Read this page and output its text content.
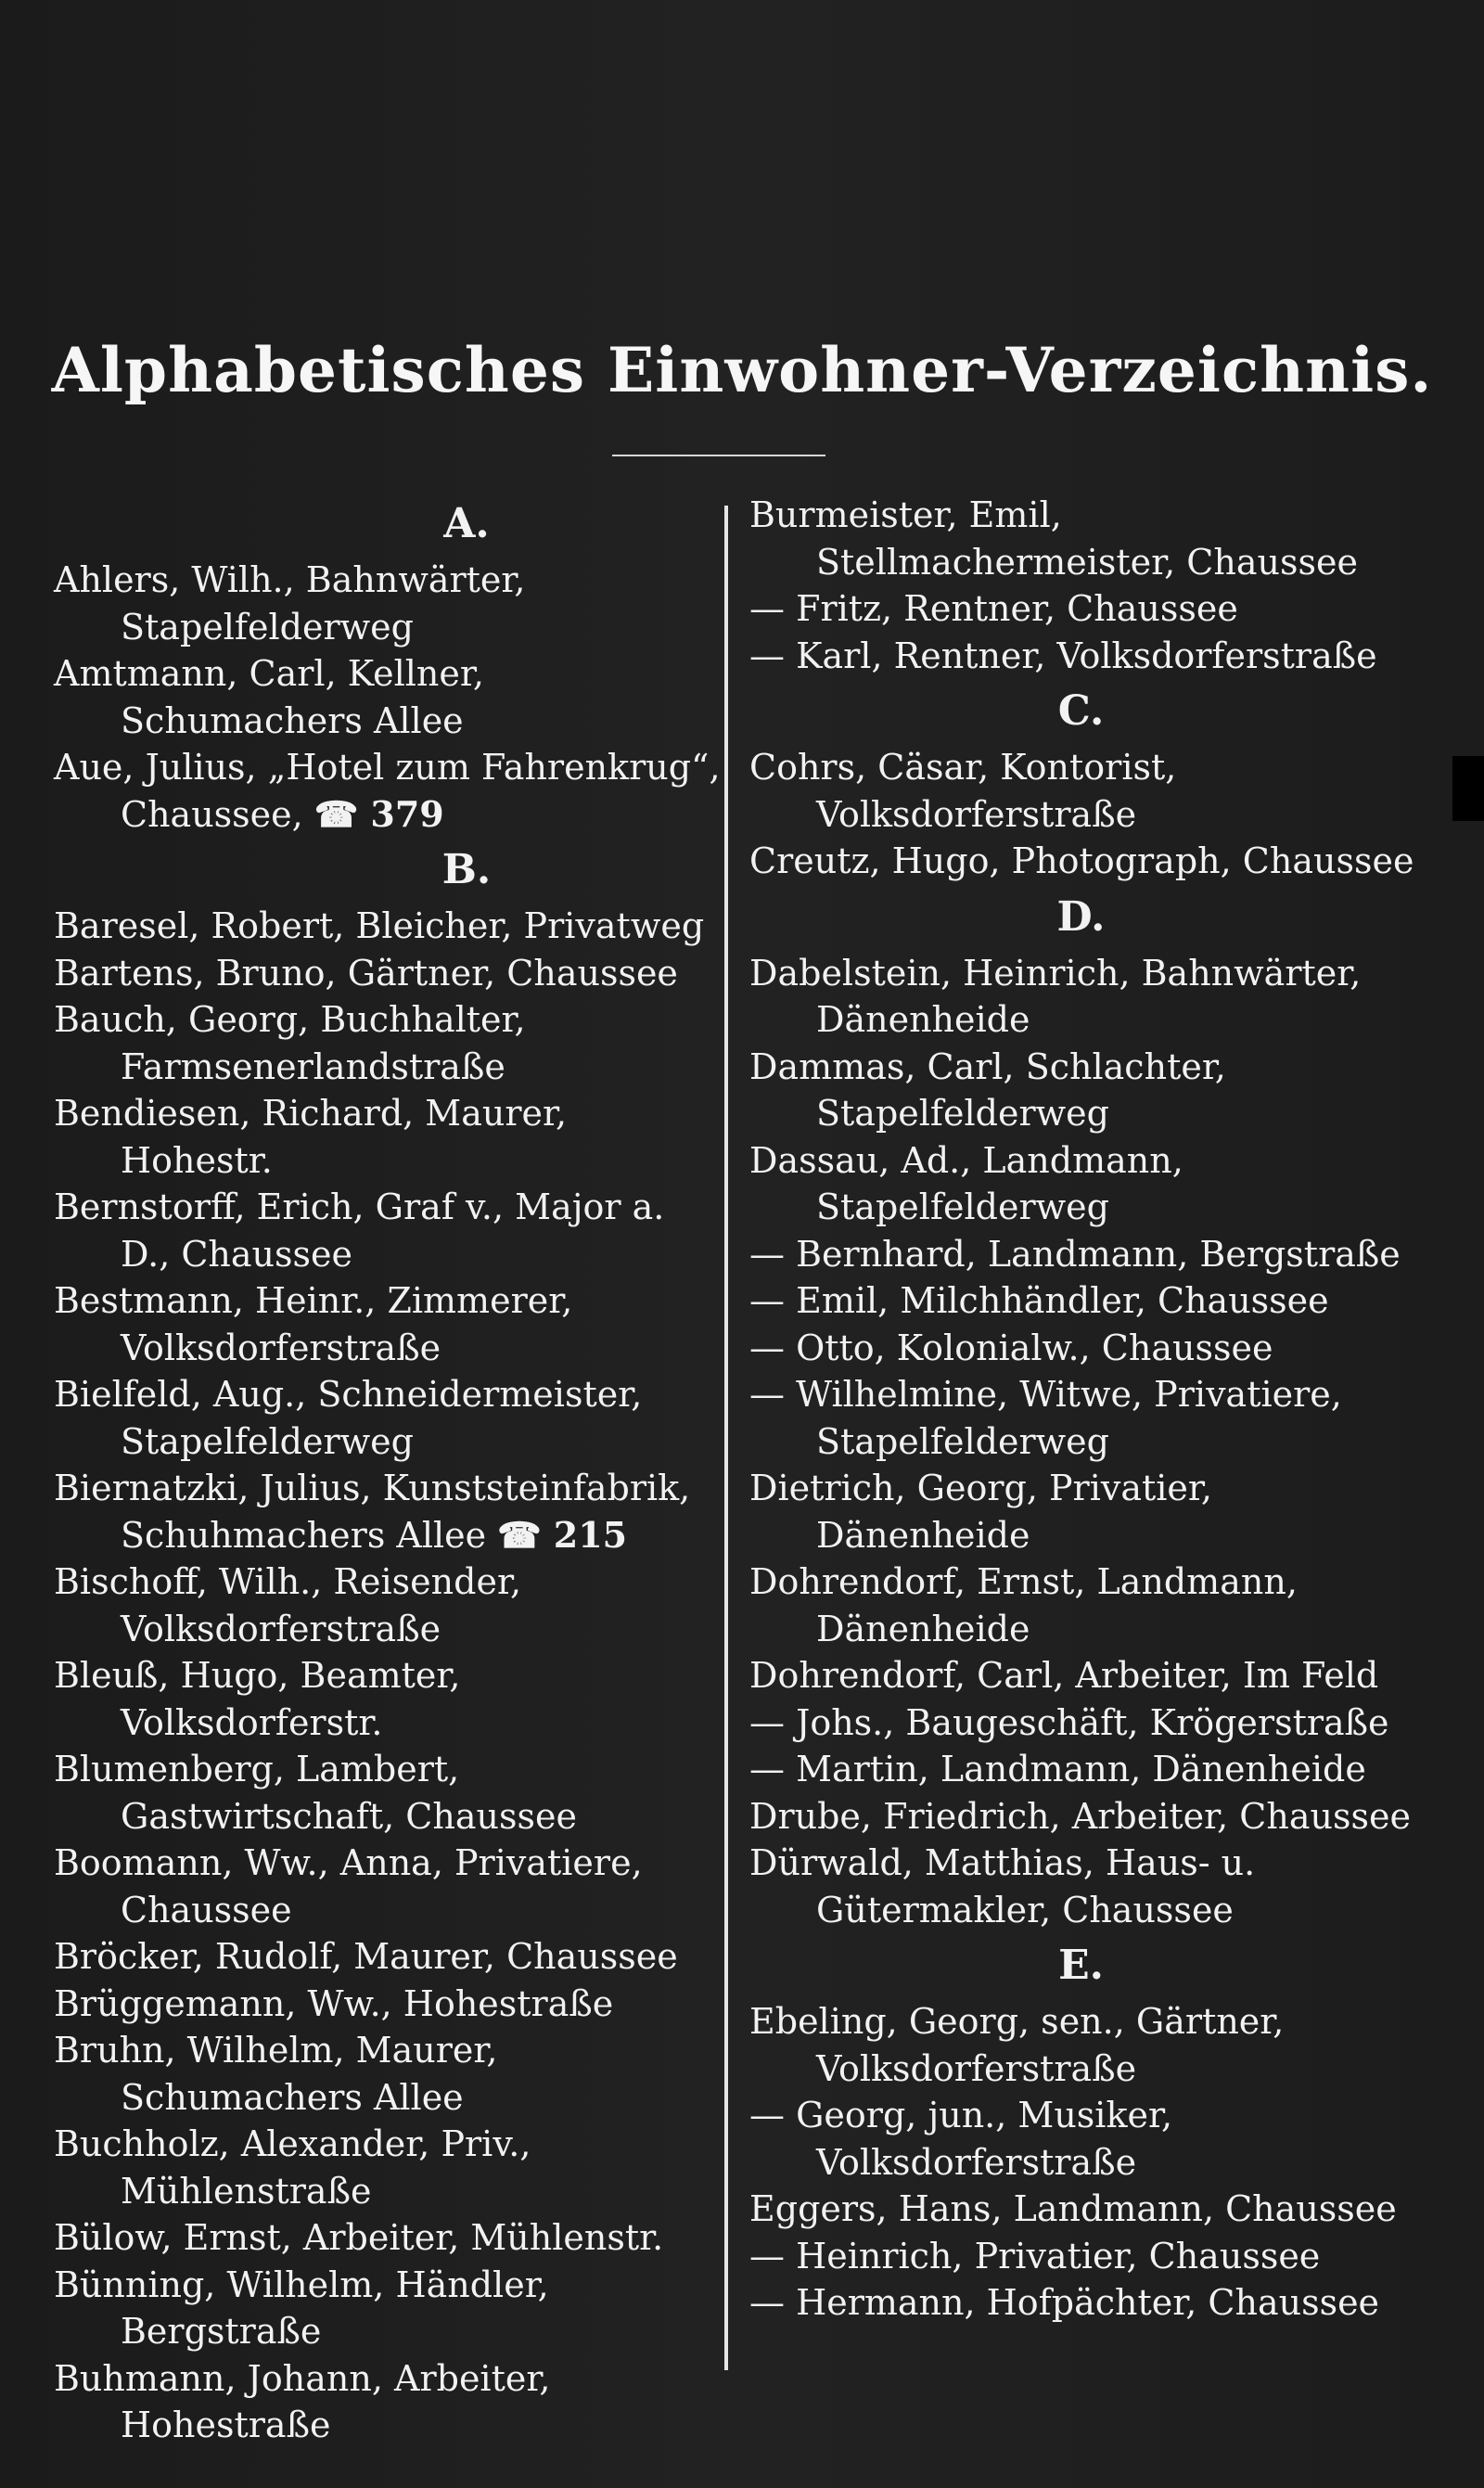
Alphabetisches Einwohner-Verzeichnis.
A.
Ahlers, Wilh., Bahnwärter, Stapelfelderweg
Amtmann, Carl, Kellner, Schumachers Allee
Aue, Julius, „Hotel zum Fahrenkrug“, Chaussee, ☎ 379
B.
Baresel, Robert, Bleicher, Privatweg
Bartens, Bruno, Gärtner, Chaussee
Bauch, Georg, Buchhalter, Farmsenerlandstraße
Bendiesen, Richard, Maurer, Hohestr.
Bernstorff, Erich, Graf v., Major a. D., Chaussee
Bestmann, Heinr., Zimmerer, Volksdorferstraße
Bielfeld, Aug., Schneidermeister, Stapelfelderweg
Biernatzki, Julius, Kunststeinfabrik, Schuhmachers Allee ☎ 215
Bischoff, Wilh., Reisender, Volksdorferstraße
Bleuß, Hugo, Beamter, Volksdorferstr.
Blumenberg, Lambert, Gastwirtschaft, Chaussee
Boomann, Ww., Anna, Privatiere, Chaussee
Bröcker, Rudolf, Maurer, Chaussee
Brüggemann, Ww., Hohestraße
Bruhn, Wilhelm, Maurer, Schumachers Allee
Buchholz, Alexander, Priv., Mühlenstraße
Bülow, Ernst, Arbeiter, Mühlenstr.
Bünning, Wilhelm, Händler, Bergstraße
Buhmann, Johann, Arbeiter, Hohestraße
Burmeister, Emil, Stellmachermeister, Chaussee
— Fritz, Rentner, Chaussee
— Karl, Rentner, Volksdorferstraße
C.
Cohrs, Cäsar, Kontorist, Volksdorferstraße
Creutz, Hugo, Photograph, Chaussee
D.
Dabelstein, Heinrich, Bahnwärter, Dänenheide
Dammas, Carl, Schlachter, Stapelfelderweg
Dassau, Ad., Landmann, Stapelfelderweg
— Bernhard, Landmann, Bergstraße
— Emil, Milchhändler, Chaussee
— Otto, Kolonialw., Chaussee
— Wilhelmine, Witwe, Privatiere, Stapelfelderweg
Dietrich, Georg, Privatier, Dänenheide
Dohrendorf, Ernst, Landmann, Dänenheide
Dohrendorf, Carl, Arbeiter, Im Feld
— Johs., Baugeschäft, Krögerstraße
— Martin, Landmann, Dänenheide
Drube, Friedrich, Arbeiter, Chaussee
Dürwald, Matthias, Haus- u. Gütermakler, Chaussee
E.
Ebeling, Georg, sen., Gärtner, Volksdorferstraße
— Georg, jun., Musiker, Volksdorferstraße
Eggers, Hans, Landmann, Chaussee
— Heinrich, Privatier, Chaussee
— Hermann, Hofpächter, Chaussee
